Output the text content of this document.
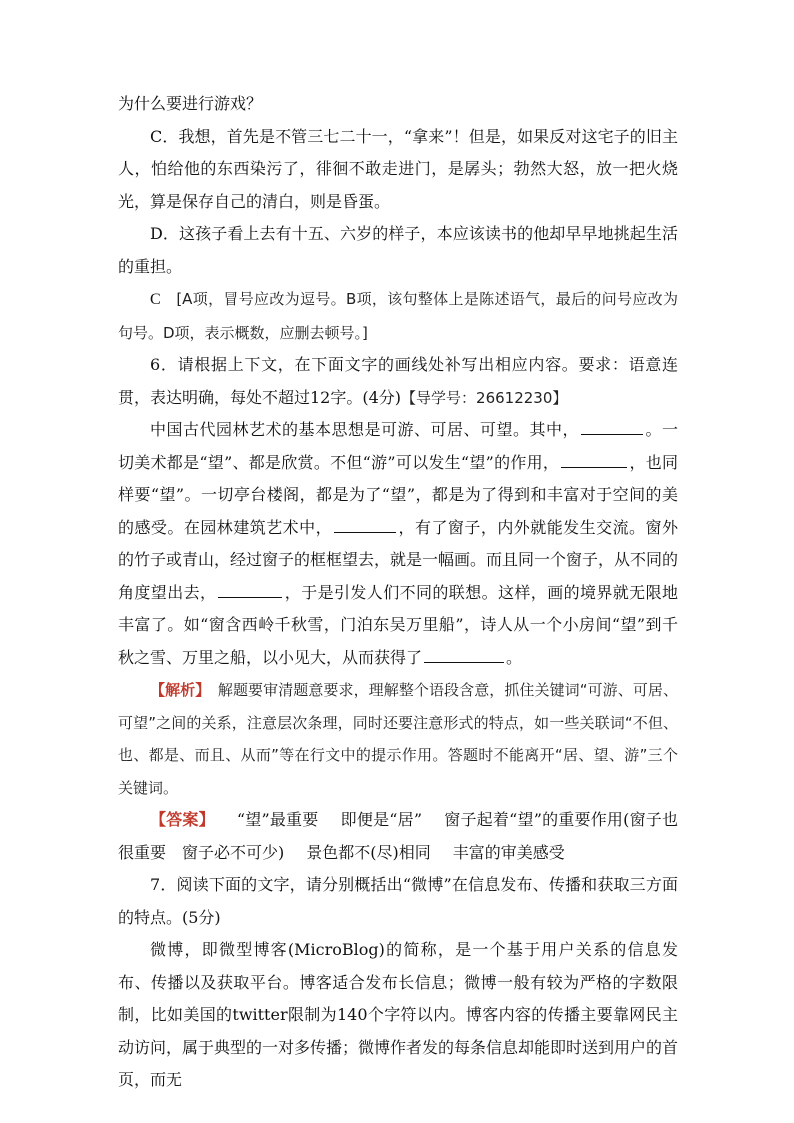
为什么要进行游戏？

C．我想，首先是不管三七二十一，“拿来”！但是，如果反对这宅子的旧主人，怕给他的东西染污了，徘徊不敢走进门，是孱头；勃然大怒，放一把火烧光，算是保存自己的清白，则是昏蛋。

D．这孩子看上去有十五、六岁的样子，本应该读书的他却早早地挑起生活的重担。

C　 [A项，冒号应改为逗号。B项，该句整体上是陈述语气，最后的问号应改为句号。D项，表示概数，应删去顿号。]

6．请根据上下文，在下面文字的画线处补写出相应内容。要求：语意连贯，表达明确，每处不超过12字。(4分)【导学号：26612230】

中国古代园林艺术的基本思想是可游、可居、可望。其中，	。一切美术都是“望”、都是欣赏。不但“游”可以发生“望”的作用，	，也同样要“望”。一切亭台楼阁，都是为了“望”，都是为了得到和丰富对于空间的美的感受。在园林建筑艺术中，	，有了窗子，内外就能发生交流。窗外的竹子或青山，经过窗子的框框望去，就是一幅画。而且同一个窗子，从不同的角度望出去，	，于是引发人们不同的联想。这样，画的境界就无限地丰富了。如“窗含西岭千秋雪，门泊东吴万里船”，诗人从一个小房间“望”到千秋之雪、万里之船，以小见大，从而获得了	。

【解析】　 解题要审清题意要求，理解整个语段含意，抓住关键词“可游、可居、可望”之间的关系，注意层次条理，同时还要注意形式的特点，如一些关联词“不但、也、都是、而且、从而”等在行文中的提示作用。答题时不能离开“居、望、游”三个关键词。

【答案】 “望”最重要 即便是“居” 窗子起着“望”的重要作用(窗子也很重要　窗子必不可少) 景色都不(尽)相同 丰富的审美感受

7．阅读下面的文字，请分别概括出“微博”在信息发布、传播和获取三方面的特点。(5分)

微博，即微型博客(MicroBlog)的简称，是一个基于用户关系的信息发布、传播以及获取平台。博客适合发布长信息；微博一般有较为严格的字数限制，比如美国的twitter限制为140个字符以内。博客内容的传播主要靠网民主动访问，属于典型的一对多传播；微博作者发的每条信息却能即时送到用户的首页，而无
